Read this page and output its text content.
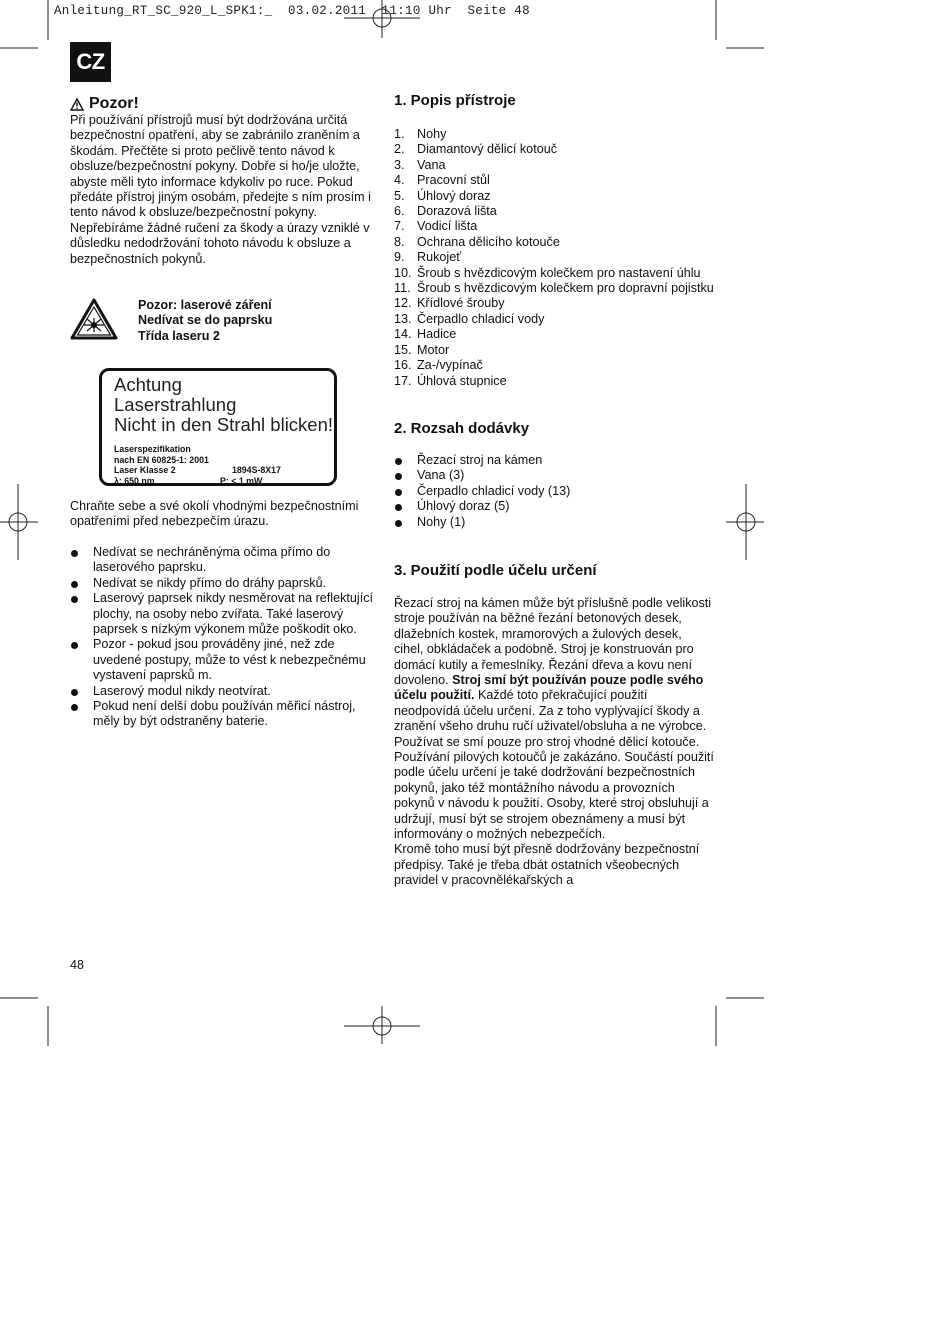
Anleitung_RT_SC_920_L_SPK1:_  03.02.2011  11:10 Uhr  Seite 48
CZ
Pozor!

Při používání přístrojů musí být dodržována určitá bezpečnostní opatření, aby se zabránilo zraněním a škodám. Přečtěte si proto pečlivě tento návod k obsluze/bezpečnostní pokyny. Dobře si ho/je uložte, abyste měli tyto informace kdykoliv po ruce. Pokud předáte přístroj jiným osobám, předejte s ním prosím i tento návod k obsluze/bezpečnostní pokyny. Nepřebíráme žádné ručení za škody a úrazy vzniklé v důsledku nedodržování tohoto návodu k obsluze a bezpečnostních pokynů.

Pozor: laserové záření

Nedívat se do paprsku

Třída laseru 2

Achtung
Laserstrahlung
Nicht in den Strahl blicken!
Laserspezifikation
nach EN 60825-1: 2001
Laser Klasse 2	1894S-8X17
λ: 650 nm	P: < 1 mW

Chraňte sebe a své okolí vhodnými bezpečnostními opatřeními před nebezpečím úrazu.

Nedívat se nechráněnýma očima přímo do laserového paprsku.
Nedívat se nikdy přímo do dráhy paprsků.
Laserový paprsek nikdy nesměrovat na reflektující plochy, na osoby nebo zvířata. Také laserový paprsek s nízkým výkonem může poškodit oko.
Pozor - pokud jsou prováděny jiné, než zde uvedené postupy, může to vést k nebezpečnému vystavení paprsků m.
Laserový modul nikdy neotvírat.
Pokud není delší dobu používán měřicí nástroj, měly by být odstraněny baterie.
1. Popis přístroje
1. Nohy
2. Diamantový dělicí kotouč
3. Vana
4. Pracovní stůl
5. Úhlový doraz
6. Dorazová lišta
7. Vodicí lišta
8. Ochrana dělicího kotouče
9. Rukojeť
10. Šroub s hvězdicovým kolečkem pro nastavení úhlu
11. Šroub s hvězdicovým kolečkem pro dopravní pojistku
12. Křídlové šrouby
13. Čerpadlo chladicí vody
14. Hadice
15. Motor
16. Za-/vypínač
17. Úhlová stupnice
2. Rozsah dodávky
Řezací stroj na kámen
Vana (3)
Čerpadlo chladicí vody (13)
Úhlový doraz (5)
Nohy (1)
3. Použití podle účelu určení

Řezací stroj na kámen může být příslušně podle velikosti stroje používán na běžné řezání betonových desek, dlažebních kostek, mramorových a žulových desek, cihel, obkládaček a podobně. Stroj je konstruován pro domácí kutily a řemeslníky. Řezání dřeva a kovu není dovoleno. Stroj smí být používán pouze podle svého účelu použití. Každé toto překračující použití neodpovídá účelu určení. Za z toho vyplývající škody a zranění všeho druhu ručí uživatel/obsluha a ne výrobce. Používat se smí pouze pro stroj vhodné dělicí kotouče. Používání pilových kotoučů je zakázáno. Součástí použití podle účelu určení je také dodržování bezpečnostních pokynů, jako též montážního návodu a provozních pokynů v návodu k použití. Osoby, které stroj obsluhují a udržují, musí být se strojem obeznámeny a musí být informovány o možných nebezpečích.

Kromě toho musí být přesně dodržovány bezpečnostní předpisy. Také je třeba dbát ostatních všeobecných pravidel v pracovnělékařských a

48
